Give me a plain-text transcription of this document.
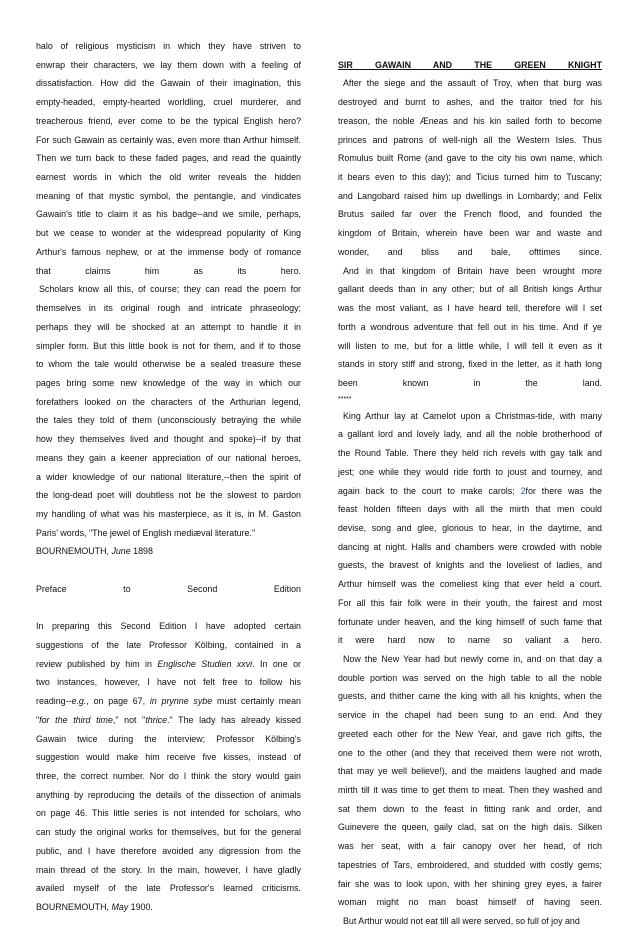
halo of religious mysticism in which they have striven to
enwrap their characters, we lay them down with a feeling of
dissatisfaction. How did the Gawain of their imagination, this
empty-headed, empty-hearted worldling, cruel murderer, and
treacherous friend, ever come to be the typical English hero?
For such Gawain as certainly was, even more than Arthur himself.
Then we turn back to these faded pages, and read the quaintly
earnest words in which the old writer reveals the hidden
meaning of that mystic symbol, the pentangle, and vindicates
Gawain's title to claim it as his badge--and we smile, perhaps,
but we cease to wonder at the widespread popularity of King
Arthur's famous nephew, or at the immense body of romance
that claims him as its hero.
Scholars know all this, of course; they can read the poem for
themselves in its original rough and intricate phraseology;
perhaps they will be shocked at an attempt to handle it in
simpler form. But this little book is not for them, and if to those
to whom the tale would otherwise be a sealed treasure these
pages bring some new knowledge of the way in which our
forefathers looked on the characters of the Arthurian legend,
the tales they told of them (unconsciously betraying the while
how they themselves lived and thought and spoke)--if by that
means they gain a keener appreciation of our national heroes,
a wider knowledge of our national literature,--then the spirit of
the long-dead poet will doubtless not be the slowest to pardon
my handling of what was his masterpiece, as it is, in M. Gaston
Paris' words, "The jewel of English mediæval literature."
BOURNEMOUTH, June 1898
Preface to Second Edition
In preparing this Second Edition I have adopted certain
suggestions of the late Professor Kölbing, contained in a
review published by him in Englische Studien xxvi. In one or
two instances, however, I have not felt free to follow his
reading--e.g., on page 67, in prynne sybe must certainly mean
"for the third time," not "thrice." The lady has already kissed
Gawain twice during the interview; Professor Kölbing's
suggestion would make him receive five kisses, instead of
three, the correct number. Nor do I think the story would gain
anything by reproducing the details of the dissection of animals
on page 46. This little series is not intended for scholars, who
can study the original works for themselves, but for the general
public, and I have therefore avoided any digression from the
main thread of the story. In the main, however, I have gladly
availed myself of the late Professor's learned criticisms.
BOURNEMOUTH, May 1900.
SIR GAWAIN AND THE GREEN KNIGHT
After the siege and the assault of Troy, when that burg was
destroyed and burnt to ashes, and the traitor tried for his
treason, the noble Æneas and his kin sailed forth to become
princes and patrons of well-nigh all the Western Isles. Thus
Romulus built Rome (and gave to the city his own name, which
it bears even to this day); and Ticius turned him to Tuscany;
and Langobard raised him up dwellings in Lombardy; and Felix
Brutus sailed far over the French flood, and founded the
kingdom of Britain, wherein have been war and waste and
wonder, and bliss and bale, ofttimes since.
And in that kingdom of Britain have been wrought more
gallant deeds than in any other; but of all British kings Arthur
was the most valiant, as I have heard tell, therefore will I set
forth a wondrous adventure that fell out in his time. And if ye
will listen to me, but for a little while, I will tell it even as it
stands in story stiff and strong, fixed in the letter, as it hath long
been known in the land.
*****
King Arthur lay at Camelot upon a Christmas-tide, with many
a gallant lord and lovely lady, and all the noble brotherhood of
the Round Table. There they held rich revels with gay talk and
jest; one while they would ride forth to joust and tourney, and
again back to the court to make carols; 2for there was the
feast holden fifteen days with all the mirth that men could
devise, song and glee, glorious to hear, in the daytime, and
dancing at night. Halls and chambers were crowded with noble
guests, the bravest of knights and the loveliest of ladies, and
Arthur himself was the comeliest king that ever held a court.
For all this fair folk were in their youth, the fairest and most
fortunate under heaven, and the king himself of such fame that
it were hard now to name so valiant a hero.
Now the New Year had but newly come in, and on that day a
double portion was served on the high table to all the noble
guests, and thither came the king with all his knights, when the
service in the chapel had been sung to an end. And they
greeted each other for the New Year, and gave rich gifts, the
one to the other (and they that received them were not wroth,
that may ye well believe!), and the maidens laughed and made
mirth till it was time to get them to meat. Then they washed and
sat them down to the feast in fitting rank and order, and
Guinevere the queen, gaily clad, sat on the high daïs. Silken
was her seat, with a fair canopy over her head, of rich
tapestries of Tars, embroidered, and studded with costly gems;
fair she was to look upon, with her shining grey eyes, a fairer
woman might no man boast himself of having seen.
But Arthur would not eat till all were served, so full of joy and
